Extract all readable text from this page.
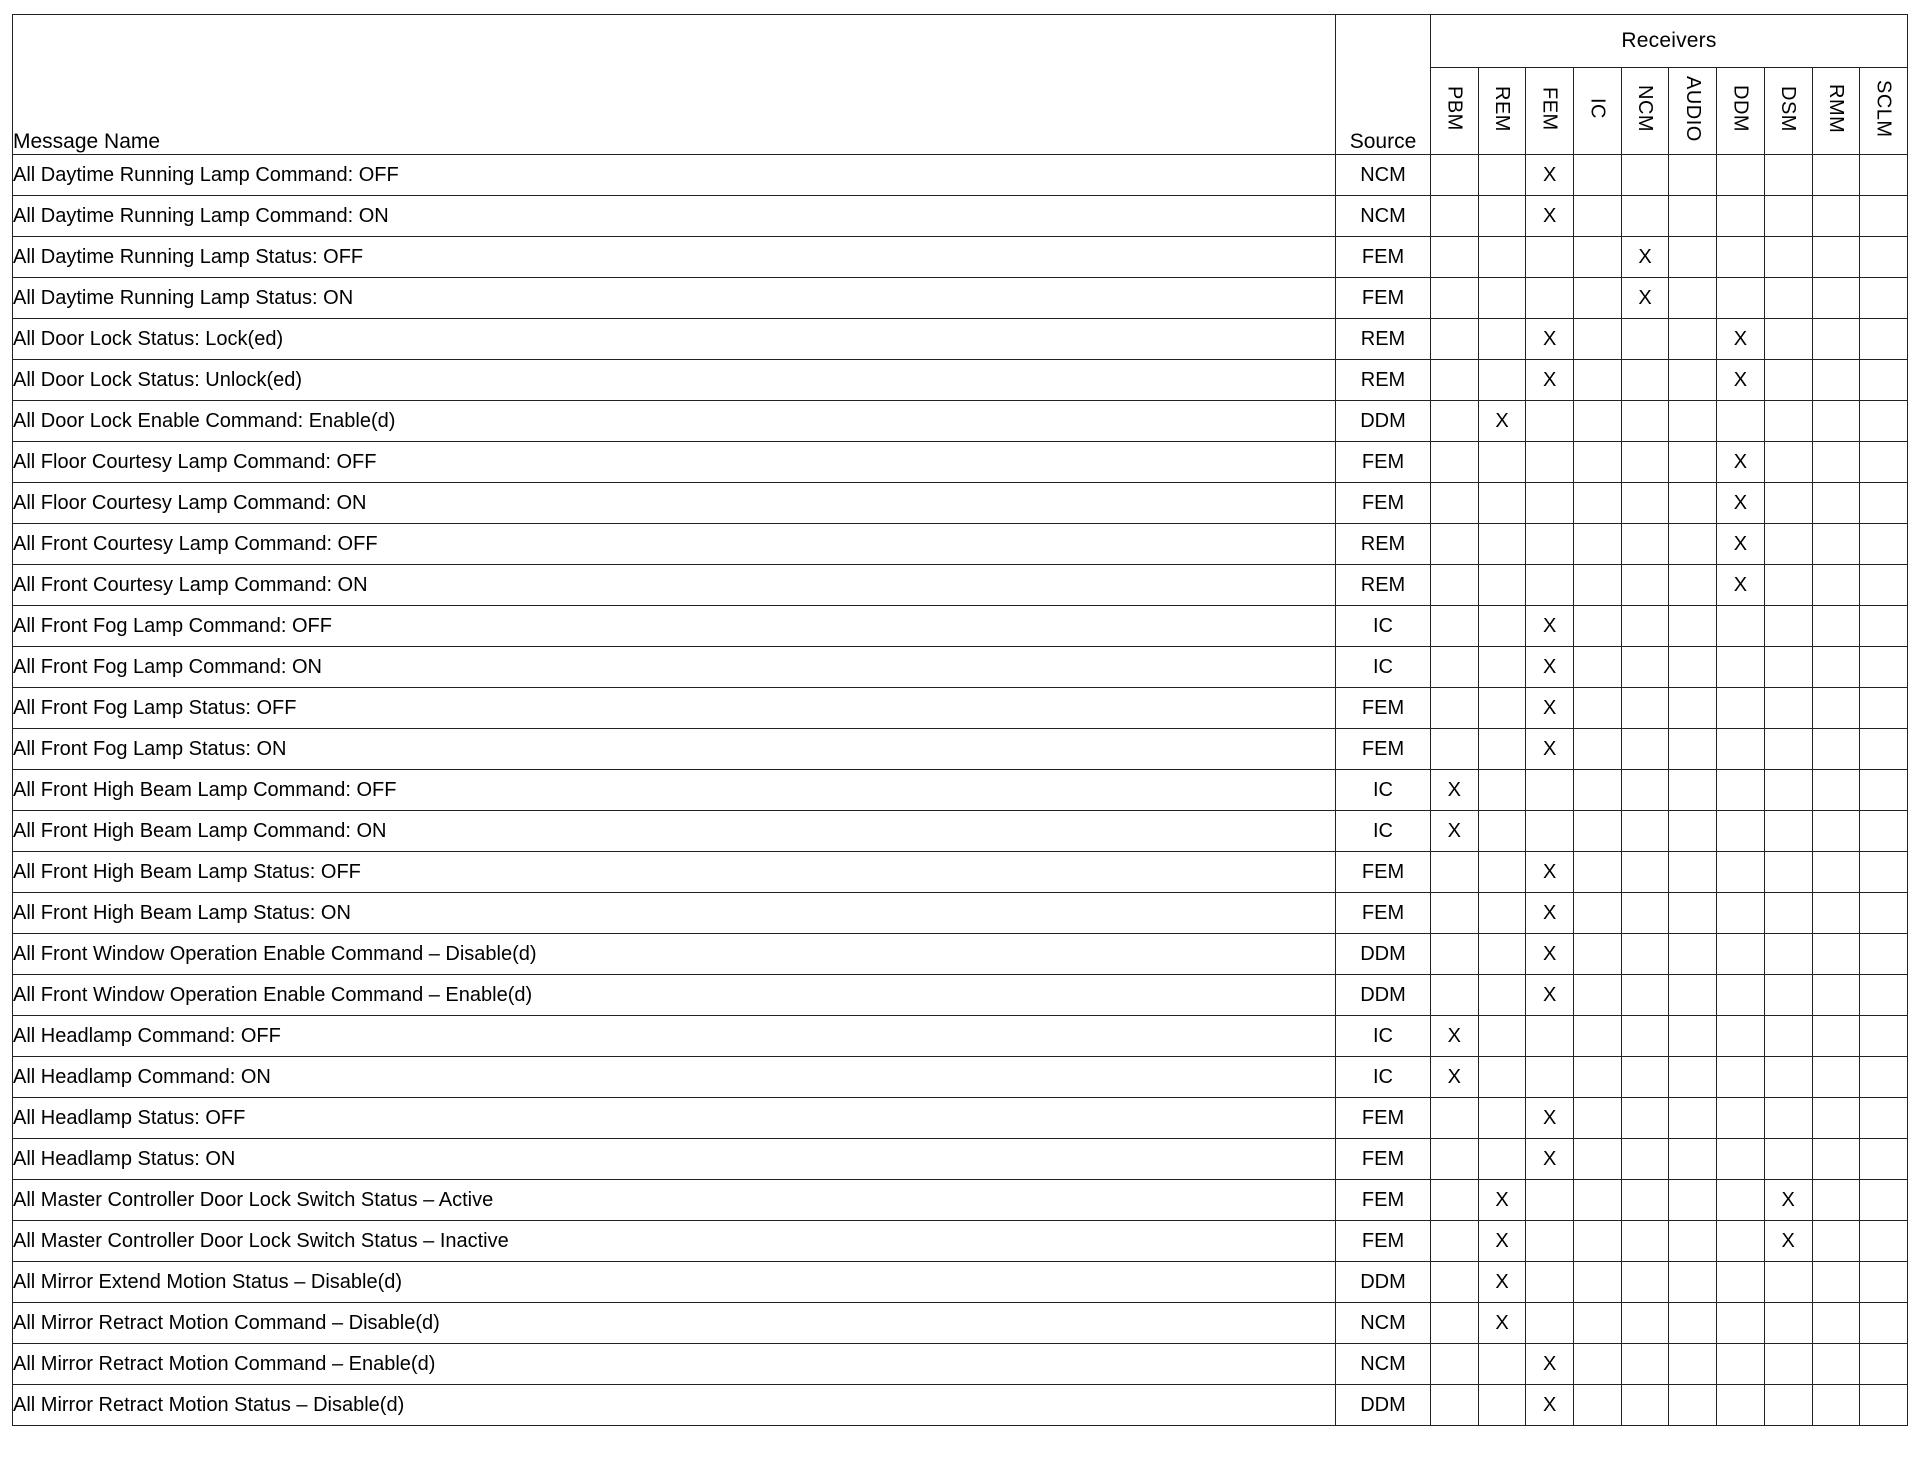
Message Name	Source	Receivers									
		PBM	REM	FEM	IC	NCM	AUDIO	DDM	DSM	RMM	SCLM
All Daytime Running Lamp Command: OFF	NCM			X							
All Daytime Running Lamp Command: ON	NCM			X							
All Daytime Running Lamp Status: OFF	FEM					X					
All Daytime Running Lamp Status: ON	FEM					X					
All Door Lock Status: Lock(ed)	REM			X				X			
All Door Lock Status: Unlock(ed)	REM			X				X			
All Door Lock Enable Command: Enable(d)	DDM		X								
All Floor Courtesy Lamp Command: OFF	FEM							X			
All Floor Courtesy Lamp Command: ON	FEM							X			
All Front Courtesy Lamp Command: OFF	REM							X			
All Front Courtesy Lamp Command: ON	REM							X			
All Front Fog Lamp Command: OFF	IC			X							
All Front Fog Lamp Command: ON	IC			X							
All Front Fog Lamp Status: OFF	FEM			X							
All Front Fog Lamp Status: ON	FEM			X							
All Front High Beam Lamp Command: OFF	IC	X									
All Front High Beam Lamp Command: ON	IC	X									
All Front High Beam Lamp Status: OFF	FEM			X							
All Front High Beam Lamp Status: ON	FEM			X							
All Front Window Operation Enable Command – Disable(d)	DDM			X							
All Front Window Operation Enable Command – Enable(d)	DDM			X							
All Headlamp Command: OFF	IC	X									
All Headlamp Command: ON	IC	X									
All Headlamp Status: OFF	FEM			X							
All Headlamp Status: ON	FEM			X							
All Master Controller Door Lock Switch Status – Active	FEM		X						X		
All Master Controller Door Lock Switch Status – Inactive	FEM		X						X		
All Mirror Extend Motion Status – Disable(d)	DDM		X								
All Mirror Retract Motion Command – Disable(d)	NCM		X								
All Mirror Retract Motion Command – Enable(d)	NCM			X							
All Mirror Retract Motion Status – Disable(d)	DDM			X							
